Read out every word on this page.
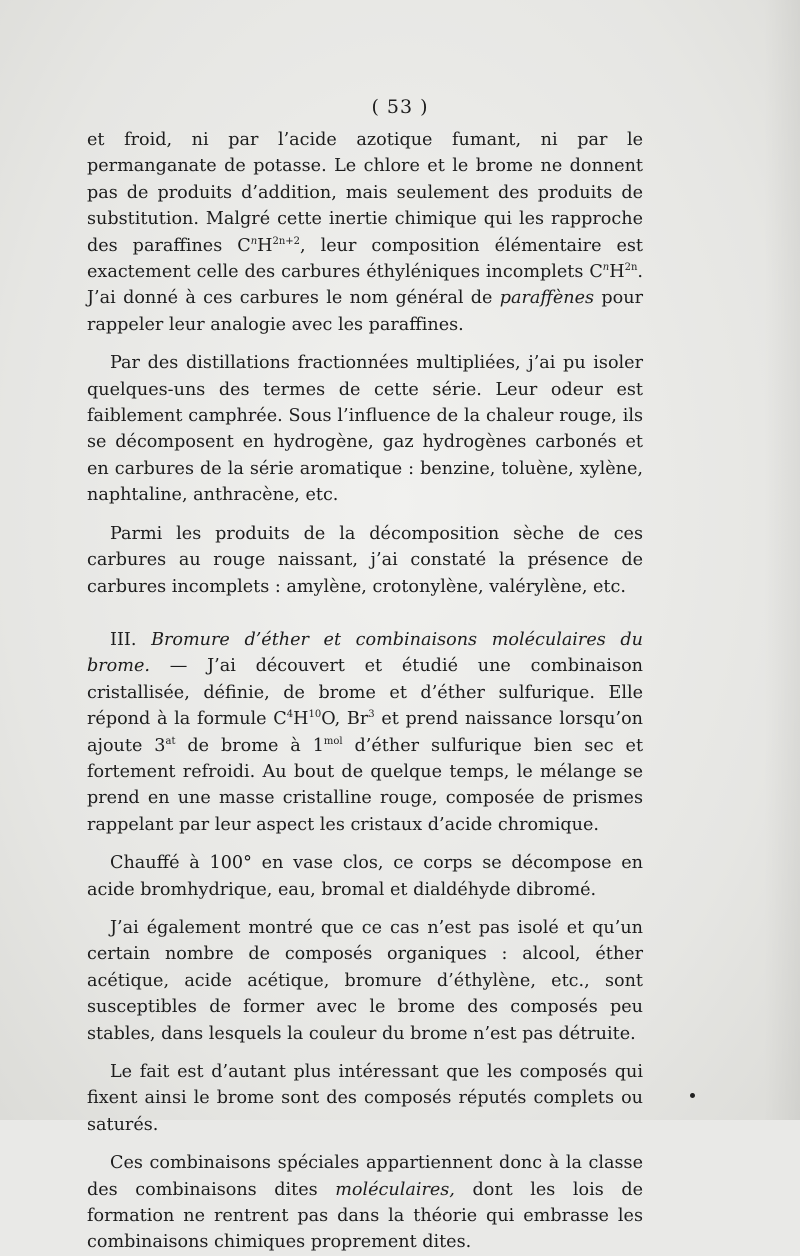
( 53 )

et froid, ni par l’acide azotique fumant, ni par le permanganate de potasse. Le chlore et le brome ne donnent pas de produits d’addition, mais seulement des produits de substitution. Malgré cette inertie chimique qui les rapproche des paraffines $C^nH^{2n+2}$, leur composition élémentaire est exactement celle des carbures éthyléniques incomplets $C^nH^{2n}$. J’ai donné à ces carbures le nom général de paraffènes pour rappeler leur analogie avec les paraffines.

Par des distillations fractionnées multipliées, j’ai pu isoler quelques-uns des termes de cette série. Leur odeur est faiblement camphrée. Sous l’influence de la chaleur rouge, ils se décomposent en hydrogène, gaz hydrogènes carbonés et en carbures de la série aromatique : benzine, toluène, xylène, naphtaline, anthracène, etc.

Parmi les produits de la décomposition sèche de ces carbures au rouge naissant, j’ai constaté la présence de carbures incomplets : amylène, crotonylène, valérylène, etc.

III. Bromure d’éther et combinaisons moléculaires du brome. — J’ai découvert et étudié une combinaison cristallisée, définie, de brome et d’éther sulfurique. Elle répond à la formule $C^4H^{10}O$, Br$^3$ et prend naissance lorsqu’on ajoute $3^{at}$ de brome à $1^{mol}$ d’éther sulfurique bien sec et fortement refroidi. Au bout de quelque temps, le mélange se prend en une masse cristalline rouge, composée de prismes rappelant par leur aspect les cristaux d’acide chromique.

Chauffé à 100° en vase clos, ce corps se décompose en acide bromhydrique, eau, bromal et dialdéhyde dibromé.

J’ai également montré que ce cas n’est pas isolé et qu’un certain nombre de composés organiques : alcool, éther acétique, acide acétique, bromure d’éthylène, etc., sont susceptibles de former avec le brome des composés peu stables, dans lesquels la couleur du brome n’est pas détruite.

Le fait est d’autant plus intéressant que les composés qui fixent ainsi le brome sont des composés réputés complets ou saturés.

Ces combinaisons spéciales appartiennent donc à la classe des combinaisons dites moléculaires, dont les lois de formation ne rentrent pas dans la théorie qui embrasse les combinaisons chimiques proprement dites.
